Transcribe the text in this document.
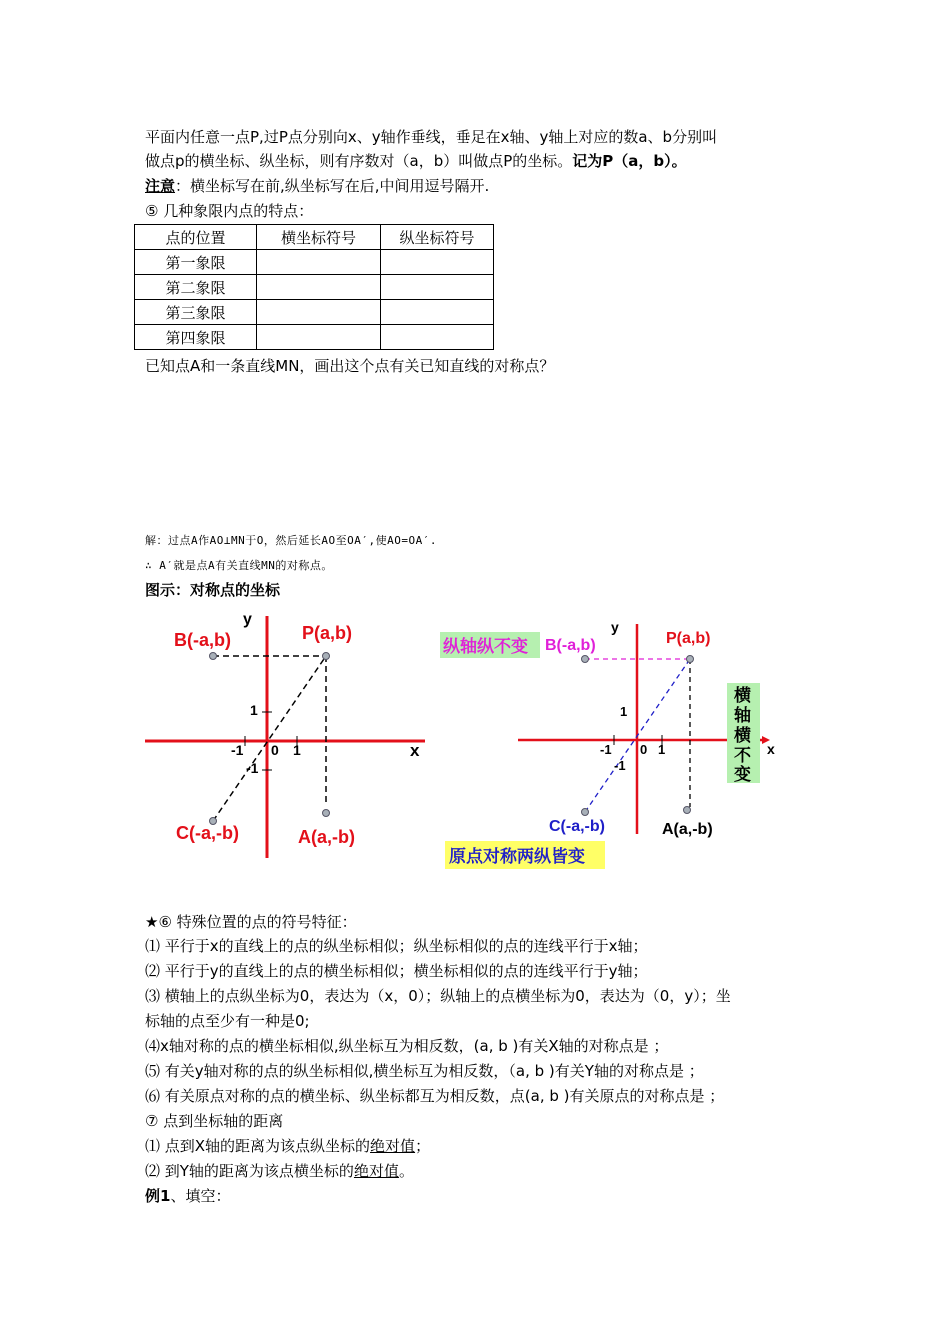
平面内任意一点P,过P点分别向x、y轴作垂线，垂足在x轴、y轴上对应的数a、b分别叫
做点p的横坐标、纵坐标，则有序数对（a，b）叫做点P的坐标。记为P（a，b）。
注意：横坐标写在前,纵坐标写在后,中间用逗号隔开.
⑤ 几种象限内点的特点：
点的位置	横坐标符号	纵坐标符号
第一象限		
第二象限		
第三象限		
第四象限		
已知点A和一条直线MN，画出这个点有关已知直线的对称点？
解：过点A作AO⊥MN于O，然后延长AO至OA′,使AO=OA′.
∴ A′就是点A有关直线MN的对称点。
图示：对称点的坐标
y
x
P(a,b)
B(-a,b)
C(-a,-b)	A(a,-b)
1
-1 0 1
-1
y
x
P(a,b)
B(-a,b)
C(-a,-b)	A(a,-b)
1
-1 0 1
-1
纵轴纵不变
横
轴
横
不
变
原点对称两纵皆变
★⑥ 特殊位置的点的符号特征：
⑴ 平行于x的直线上的点的纵坐标相似；纵坐标相似的点的连线平行于x轴；
⑵ 平行于y的直线上的点的横坐标相似；横坐标相似的点的连线平行于y轴；
⑶ 横轴上的点纵坐标为0，表达为（x，0）；纵轴上的点横坐标为0，表达为（0，y）；坐
标轴的点至少有一种是0;
⑷x轴对称的点的横坐标相似,纵坐标互为相反数，(a, b )有关X轴的对称点是 ；
⑸ 有关y轴对称的点的纵坐标相似,横坐标互为相反数，（a, b )有关Y轴的对称点是 ；
⑹ 有关原点对称的点的横坐标、纵坐标都互为相反数，点(a, b )有关原点的对称点是 ；
⑦ 点到坐标轴的距离
⑴ 点到X轴的距离为该点纵坐标的绝对值；
⑵ 到Y轴的距离为该点横坐标的绝对值。
例1、填空：
